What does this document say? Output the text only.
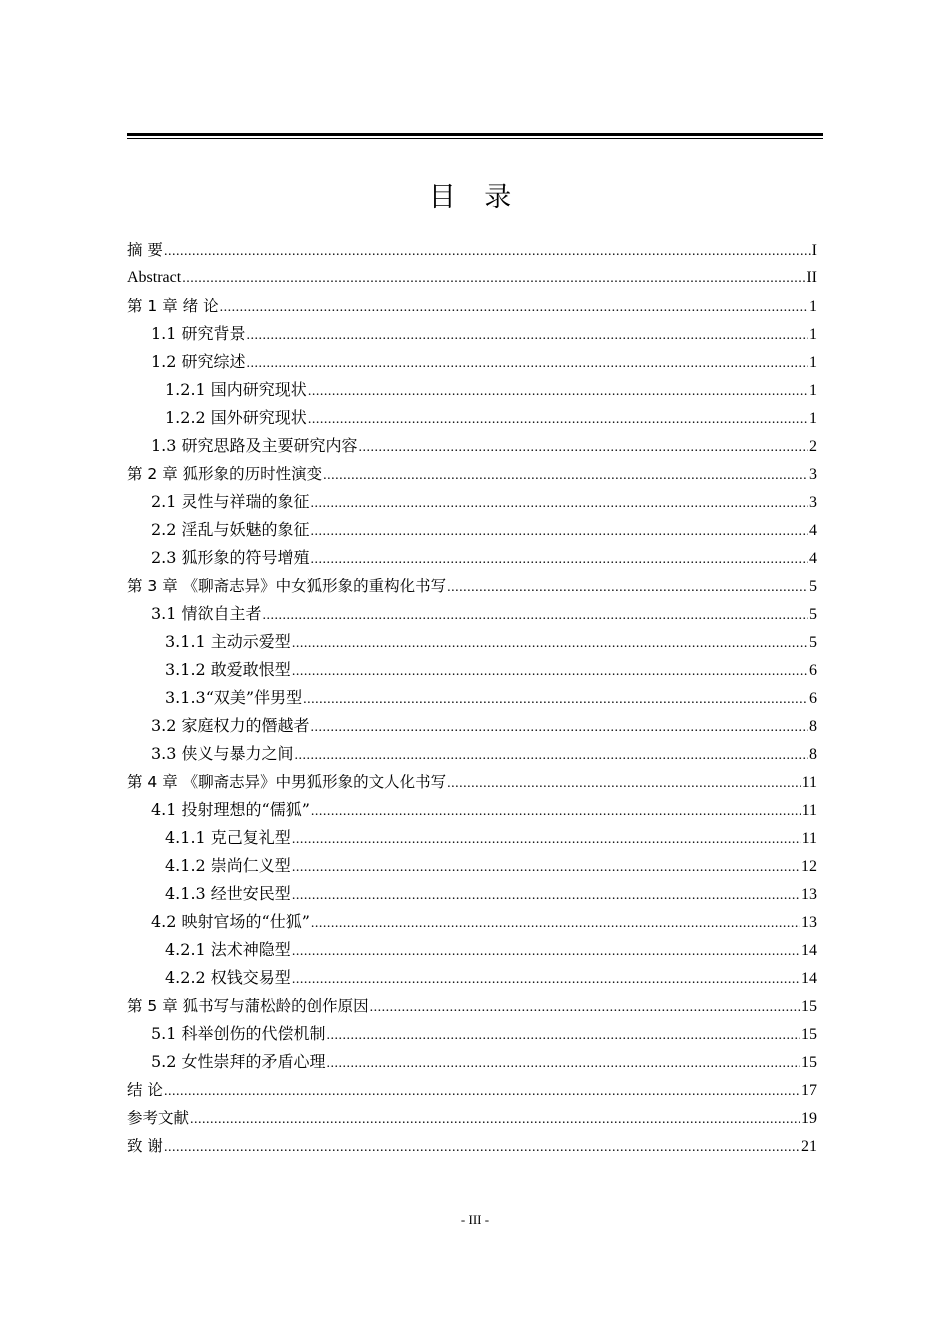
目 录
摘 要 .....	I
Abstract .....	II
第 1 章 绪 论 .....	1
1.1 研究背景 .....	1
1.2 研究综述 .....	1
1.2.1 国内研究现状 .....	1
1.2.2 国外研究现状 .....	1
1.3 研究思路及主要研究内容 .....	2
第 2 章 狐形象的历时性演变 .....	3
2.1 灵性与祥瑞的象征 .....	3
2.2 淫乱与妖魅的象征 .....	4
2.3 狐形象的符号增殖 .....	4
第 3 章 《聊斋志异》中女狐形象的重构化书写 .....	5
3.1 情欲自主者 .....	5
3.1.1 主动示爱型 .....	5
3.1.2 敢爱敢恨型 .....	6
3.1.3“双美”伴男型 .....	6
3.2 家庭权力的僭越者 .....	8
3.3 侠义与暴力之间 .....	8
第 4 章 《聊斋志异》中男狐形象的文人化书写 .....	11
4.1 投射理想的“儒狐” .....	11
4.1.1 克己复礼型 .....	11
4.1.2 崇尚仁义型 .....	12
4.1.3 经世安民型 .....	13
4.2 映射官场的“仕狐” .....	13
4.2.1 法术神隐型 .....	14
4.2.2 权钱交易型 .....	14
第 5 章 狐书写与蒲松龄的创作原因 .....	15
5.1 科举创伤的代偿机制 .....	15
5.2 女性崇拜的矛盾心理 .....	15
结 论 .....	17
参考文献 .....	19
致 谢 .....	21
- III -
